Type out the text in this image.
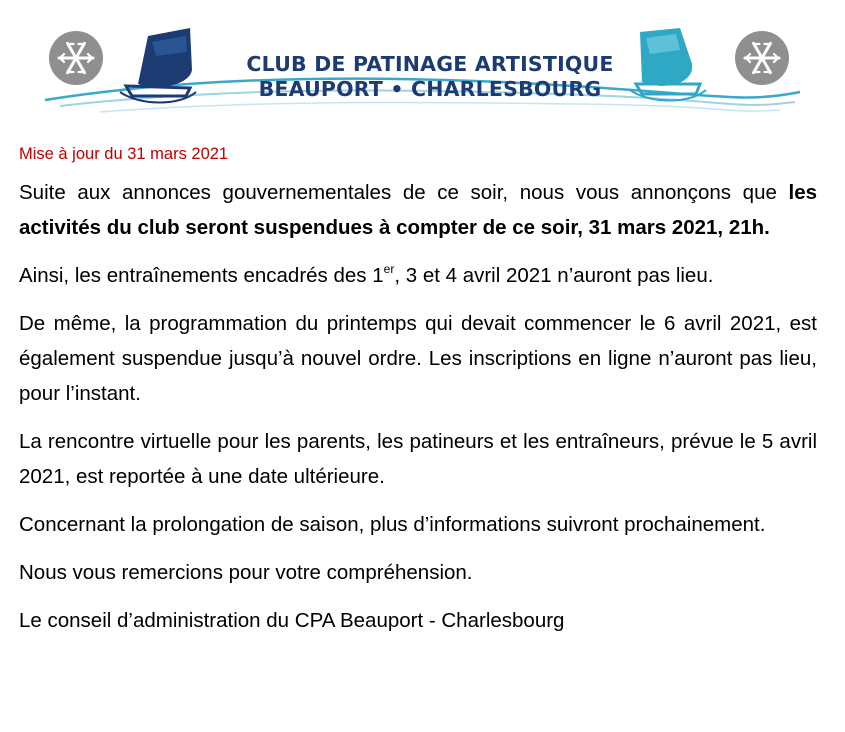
CLUB DE PATINAGE ARTISTIQUE
BEAUPORT • CHARLESBOURG
Mise à jour du 31 mars 2021

Suite aux annonces gouvernementales de ce soir, nous vous annonçons que les activités du club seront suspendues à compter de ce soir, 31 mars 2021, 21h.

Ainsi, les entraînements encadrés des 1er, 3 et 4 avril 2021 n’auront pas lieu.

De même, la programmation du printemps qui devait commencer le 6 avril 2021, est également suspendue jusqu’à nouvel ordre. Les inscriptions en ligne n’auront pas lieu, pour l’instant.

La rencontre virtuelle pour les parents, les patineurs et les entraîneurs, prévue le 5 avril 2021, est reportée à une date ultérieure.

Concernant la prolongation de saison, plus d’informations suivront prochainement.

Nous vous remercions pour votre compréhension.

Le conseil d’administration du CPA Beauport - Charlesbourg
